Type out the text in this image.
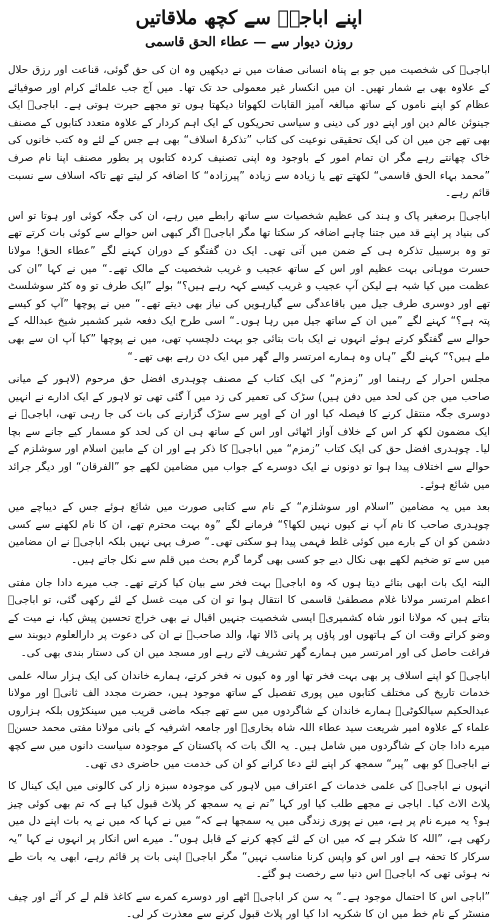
اپنے اباجیؒ سے کچھ ملاقاتیں
روزن دیوار سے — عطاء الحق قاسمی

اباجیؒ کی شخصیت میں جو بے پناہ انسانی صفات میں نے دیکھیں وہ ان کی حق گوئی، قناعت اور رزق حلال کے علاوہ بھی بے شمار تھیں۔ ان میں انکسار غیر معمولی حد تک تھا۔ میں آج جب علمائے کرام اور صوفیائے عظام کو اپنے ناموں کے ساتھ مبالغہ آمیز القابات لکھواتا دیکھتا ہوں تو مجھے حیرت ہوتی ہے۔ اباجیؒ ایک جینوئن عالم دین اور اپنے دور کی دینی و سیاسی تحریکوں کے ایک اہم کردار کے علاوہ متعدد کتابوں کے مصنف بھی تھے جن میں ان کی ایک تحقیقی نوعیت کی کتاب ”تذکرۂ اسلاف“ بھی ہے جس کے لئے وہ کتب خانوں کی خاک چھانتے رہے مگر ان تمام امور کے باوجود وہ اپنی تصنیف کردہ کتابوں پر بطور مصنف اپنا نام صرف ”محمد بہاء الحق قاسمی“ لکھتے تھے یا زیادہ سے زیادہ ”پیرزادہ“ کا اضافہ کر لیتے تھے تاکہ اسلاف سے نسبت قائم رہے۔

اباجیؒ برصغیر پاک و ہند کی عظیم شخصیات سے ساتھ رابطے میں رہے، ان کی جگہ کوئی اور ہوتا تو اس کی بنیاد پر اپنے قد میں جتنا چاہے اضافہ کر سکتا تھا مگر اباجیؒ اگر کبھی اس حوالے سے کوئی بات کرتے تھے تو وہ برسبیل تذکرہ ہی کے ضمن میں آتی تھی۔ ایک دن گفتگو کے دوران کہنے لگے ”عطاء الحق! مولانا حسرت موہانی بہت عظیم اور اس کے ساتھ عجیب و غریب شخصیت کے مالک تھے۔“ میں نے کہا ”ان کی عظمت میں کیا شبہ ہے لیکن آپ عجیب و غریب کیسے کہہ رہے ہیں؟“ بولے ”ایک طرف تو وہ کٹر سوشلسٹ تھے اور دوسری طرف جیل میں باقاعدگی سے گیارہویں کی نیاز بھی دیتے تھے۔“ میں نے پوچھا ”آپ کو کیسے پتہ ہے؟“ کہنے لگے ”میں ان کے ساتھ جیل میں رہا ہوں۔“ اسی طرح ایک دفعہ شیر کشمیر شیخ عبداللہ کے حوالے سے گفتگو کرتے ہوئے انہوں نے ایک بات بتائی جو بہت دلچسپ تھی، میں نے پوچھا ”کیا آپ ان سے بھی ملے ہیں؟“ کہنے لگے ”ہاں وہ ہمارے امرتسر والے گھر میں ایک دن رہے بھی تھے۔“

مجلس احرار کے رہنما اور ”زمزم“ کی ایک کتاب کے مصنف چوہدری افضل حق مرحوم (لاہور کے میانی صاحب میں جن کی لحد میں دفن ہیں) سڑک کی تعمیر کی زد میں آ گئی تھی تو لاہور کے ایک ادارے نے انہیں دوسری جگہ منتقل کرنے کا فیصلہ کیا اور ان کے اوپر سے سڑک گزارنے کی بات کی جا رہی تھی، اباجیؒ نے ایک مضمون لکھ کر اس کے خلاف آواز اٹھائی اور اس کے ساتھ ہی ان کی لحد کو مسمار کیے جانے سے بچا لیا۔ چوہدری افضل حق کی ایک کتاب ”زمزم“ میں اباجیؒ کا ذکر ہے اور ان کے مابین اسلام اور سوشلزم کے حوالے سے اختلاف پیدا ہوا تو دونوں نے ایک دوسرے کے جواب میں مضامین لکھے جو ”الفرقان“ اور دیگر جرائد میں شائع ہوئے۔

بعد میں یہ مضامین ”اسلام اور سوشلزم“ کے نام سے کتابی صورت میں شائع ہوئے جس کے دیباچے میں چوہدری صاحب کا نام آپ نے کیوں نہیں لکھا؟“ فرمانے لگے ”وہ بہت محترم تھے، ان کا نام لکھنے سے کسی دشمن کو ان کے بارے میں کوئی غلط فہمی پیدا ہو سکتی تھی۔“ صرف یہی نہیں بلکہ اباجیؒ نے ان مضامین میں سے تو ضخیم لکھے بھی نکال دیے جو کسی بھی گرما گرم بحث میں قلم سے نکل جاتے ہیں۔

البتہ ایک بات ابھی بتائے دیتا ہوں کہ وہ اباجیؒ بہت فخر سے بیان کیا کرتے تھے۔ جب میرے دادا جان مفتی اعظم امرتسر مولانا غلام مصطفیٰ قاسمی کا انتقال ہوا تو ان کی میت غسل کے لئے رکھی گئی، تو اباجیؒ بتاتے ہیں کہ مولانا انور شاہ کشمیریؒ ایسی شخصیت جنہیں اقبال نے بھی خراج تحسین پیش کیا، نے میت کے وضو کراتے وقت ان کے ہاتھوں اور پاؤں پر پانی ڈالا تھا، والد صاحبؒ نے ان کی دعوت پر دارالعلوم دیوبند سے فراغت حاصل کی اور امرتسر میں ہمارے گھر تشریف لاتے رہے اور مسجد میں ان کی دستار بندی بھی کی۔

اباجیؒ کو اپنے اسلاف پر بھی بہت فخر تھا اور وہ کیوں نہ فخر کرتے، ہمارے خاندان کی ایک ہزار سالہ علمی خدمات تاریخ کی مختلف کتابوں میں پوری تفصیل کے ساتھ موجود ہیں، حضرت مجدد الف ثانیؒ اور مولانا عبدالحکیم سیالکوٹیؒ ہمارے خاندان کے شاگردوں میں سے تھے جبکہ ماضی قریب میں سینکڑوں بلکہ ہزاروں علماء کے علاوہ امیر شریعت سید عطاء اللہ شاہ بخاریؒ اور جامعہ اشرفیہ کے بانی مولانا مفتی محمد حسنؒ میرے دادا جان کے شاگردوں میں شامل ہیں۔ یہ الگ بات کہ پاکستان کے موجودہ سیاست دانوں میں سے کچھ نے اباجیؒ کو بھی ”پیر“ سمجھ کر اپنے لئے دعا کرانے کو ان کی خدمت میں حاضری دی تھی۔

انہوں نے اباجیؒ کی علمی خدمات کے اعتراف میں لاہور کی موجودہ سبزہ زار کی کالونی میں ایک کینال کا پلاٹ الاٹ کیا۔ اباجی نے مجھے طلب کیا اور کہا ”تم نے یہ سمجھ کر پلاٹ قبول کیا ہے کہ تم بھی کوئی چیز ہو؟ یہ میرے نام پر ہے، میں نے پوری زندگی میں یہ سمجھا ہے کہ“ میں نے کہا کہ میں نے یہ بات اپنے دل میں رکھی ہے، ”اللہ کا شکر ہے کہ میں ان کے لئے کچھ کرنے کے قابل ہوں“۔ میرے اس انکار پر انہوں نے کہا ”یہ سرکار کا تحفہ ہے اور اس کو واپس کرنا مناسب نہیں“ مگر اباجیؒ اپنی بات پر قائم رہے، ابھی یہ بات طے نہ ہوئی تھی کہ اباجیؒ اس دنیا سے رخصت ہو گئے۔

”اباجی اس کا احتمال موجود ہے۔“ یہ سن کر اباجیؒ اٹھے اور دوسرے کمرے سے کاغذ قلم لے کر آئے اور چیف منسٹر کے نام خط میں ان کا شکریہ ادا کیا اور پلاٹ قبول کرنے سے معذرت کر لی۔
